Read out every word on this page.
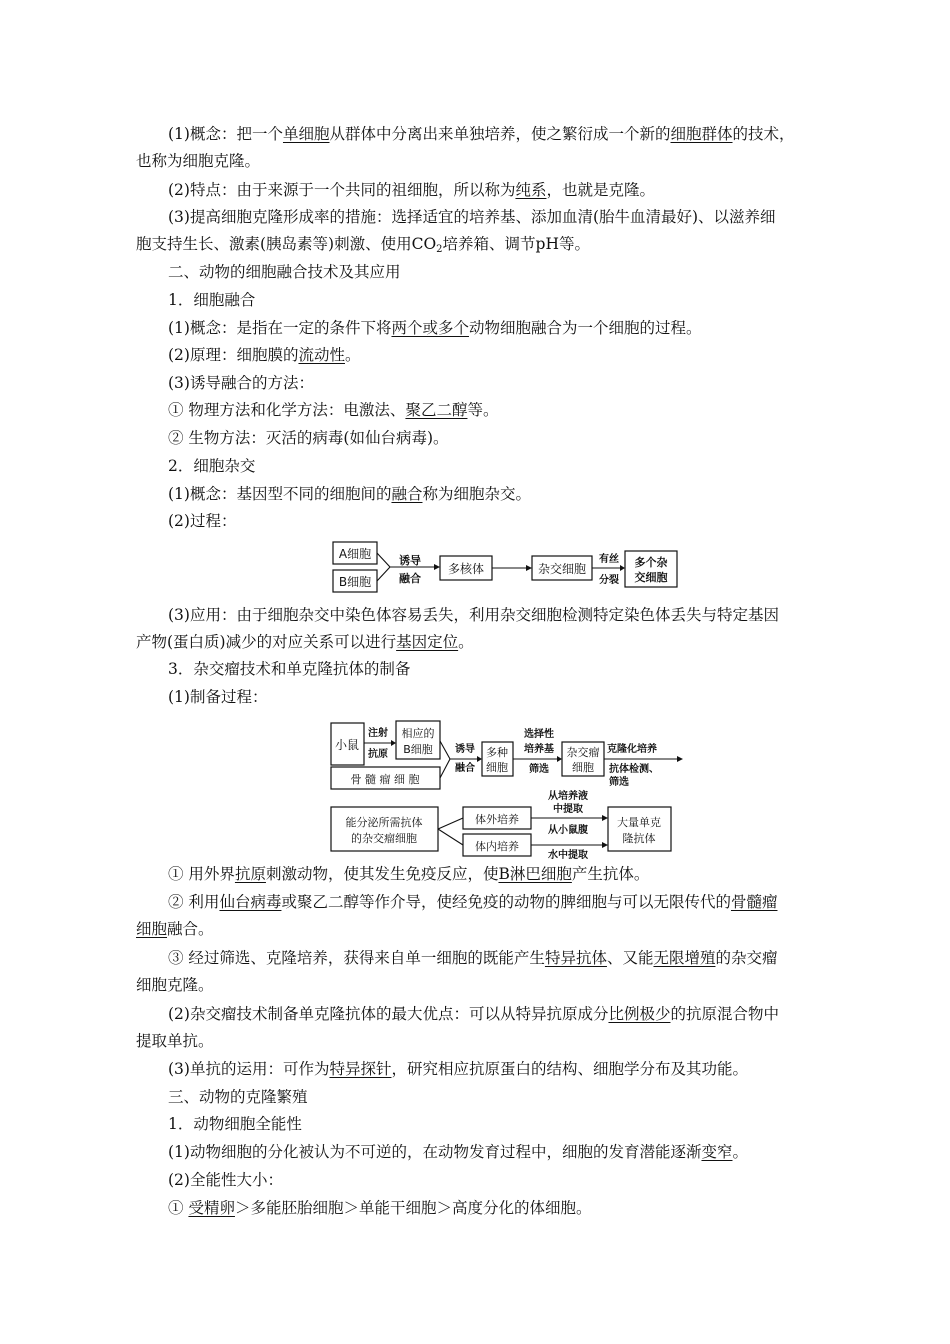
(1)概念：把一个单细胞从群体中分离出来单独培养，使之繁衍成一个新的细胞群体的技术，
也称为细胞克隆。
(2)特点：由于来源于一个共同的祖细胞，所以称为纯系，也就是克隆。
(3)提高细胞克隆形成率的措施：选择适宜的培养基、添加血清(胎牛血清最好)、以滋养细
胞支持生长、激素(胰岛素等)刺激、使用$CO_2$培养箱、调节pH等。
二、动物的细胞融合技术及其应用
1．细胞融合
(1)概念：是指在一定的条件下将两个或多个动物细胞融合为一个细胞的过程。
(2)原理：细胞膜的流动性。
(3)诱导融合的方法：
① 物理方法和化学方法：电激法、聚乙二醇等。
② 生物方法：灭活的病毒(如仙台病毒)。
2．细胞杂交
(1)概念：基因型不同的细胞间的融合称为细胞杂交。
(2)过程：
A细胞
B细胞
诱导
融合
多核体	杂交细胞
有丝
分裂
多个杂
交细胞
(3)应用：由于细胞杂交中染色体容易丢失，利用杂交细胞检测特定染色体丢失与特定基因
产物(蛋白质)减少的对应关系可以进行基因定位。
3．杂交瘤技术和单克隆抗体的制备
(1)制备过程：
小鼠
注射
抗原
相应的
B细胞
骨 髓 瘤 细 胞
诱导
融合
多种
细胞
选择性
培养基
筛选
杂交瘤
细胞
克隆化培养
抗体检测、
筛选
能分泌所需抗体
的杂交瘤细胞
体外培养
体内培养
从培养液
中提取
从小鼠腹
水中提取
大量单克
隆抗体
① 用外界抗原刺激动物，使其发生免疫反应，使B淋巴细胞产生抗体。
② 利用仙台病毒或聚乙二醇等作介导，使经免疫的动物的脾细胞与可以无限传代的骨髓瘤
细胞融合。
③ 经过筛选、克隆培养，获得来自单一细胞的既能产生特异抗体、又能无限增殖的杂交瘤
细胞克隆。
(2)杂交瘤技术制备单克隆抗体的最大优点：可以从特异抗原成分比例极少的抗原混合物中
提取单抗。
(3)单抗的运用：可作为特异探针，研究相应抗原蛋白的结构、细胞学分布及其功能。
三、动物的克隆繁殖
1．动物细胞全能性
(1)动物细胞的分化被认为不可逆的，在动物发育过程中，细胞的发育潜能逐渐变窄。
(2)全能性大小：
① 受精卵＞多能胚胎细胞＞单能干细胞＞高度分化的体细胞。
